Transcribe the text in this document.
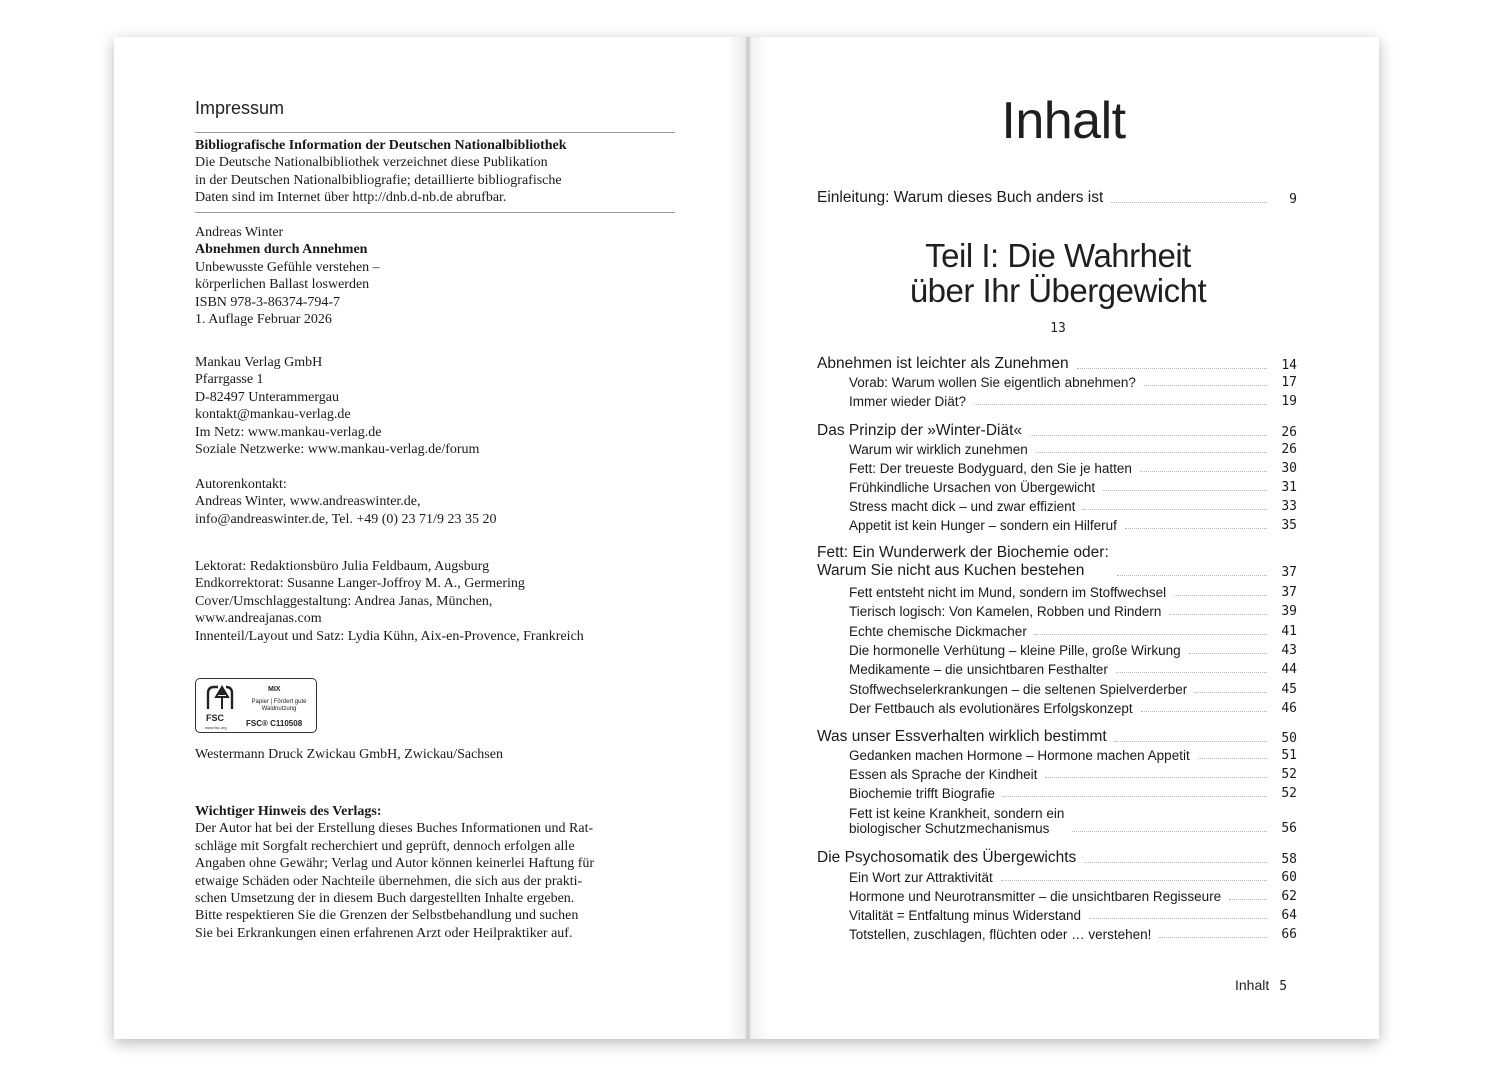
Impressum
Bibliografische Information der Deutschen Nationalbibliothek
Die Deutsche Nationalbibliothek verzeichnet diese Publikation
in der Deutschen Nationalbibliografie; detaillierte bibliografische
Daten sind im Internet über http://dnb.d-nb.de abrufbar.
Andreas Winter
Abnehmen durch Annehmen
Unbewusste Gefühle verstehen –
körperlichen Ballast loswerden
ISBN 978-3-86374-794-7
1. Auflage Februar 2026
Mankau Verlag GmbH
Pfarrgasse 1
D-82497 Unterammergau
kontakt@mankau-verlag.de
Im Netz: www.mankau-verlag.de
Soziale Netzwerke: www.mankau-verlag.de/forum
Autorenkontakt:
Andreas Winter, www.andreaswinter.de,
info@andreaswinter.de, Tel. +49 (0) 23 71/9 23 35 20
Lektorat: Redaktionsbüro Julia Feldbaum, Augsburg
Endkorrektorat: Susanne Langer-Joffroy M. A., Germering
Cover/Umschlaggestaltung: Andrea Janas, München,
www.andreajanas.com
Innenteil/Layout und Satz: Lydia Kühn, Aix-en-Provence, Frankreich
FSC
www.fsc.org
MIX
Papier | Fördert gute Waldnutzung
FSC® C110508
Westermann Druck Zwickau GmbH, Zwickau/Sachsen
Wichtiger Hinweis des Verlags:
Der Autor hat bei der Erstellung dieses Buches Informationen und Rat-
schläge mit Sorgfalt recherchiert und geprüft, dennoch erfolgen alle
Angaben ohne Gewähr; Verlag und Autor können keinerlei Haftung für
etwaige Schäden oder Nachteile übernehmen, die sich aus der prakti-
schen Umsetzung der in diesem Buch dargestellten Inhalte ergeben.
Bitte respektieren Sie die Grenzen der Selbstbehandlung und suchen
Sie bei Erkrankungen einen erfahrenen Arzt oder Heilpraktiker auf.
Inhalt
Einleitung: Warum dieses Buch anders ist	9
Teil I: Die Wahrheit
über Ihr Übergewicht
13
Abnehmen ist leichter als Zunehmen	14
Vorab: Warum wollen Sie eigentlich abnehmen?	17
Immer wieder Diät?	19
Das Prinzip der »Winter-Diät«	26
Warum wir wirklich zunehmen	26
Fett: Der treueste Bodyguard, den Sie je hatten	30
Frühkindliche Ursachen von Übergewicht	31
Stress macht dick – und zwar effizient	33
Appetit ist kein Hunger – sondern ein Hilferuf	35
Fett: Ein Wunderwerk der Biochemie oder:
Warum Sie nicht aus Kuchen bestehen	37
Fett entsteht nicht im Mund, sondern im Stoffwechsel	37
Tierisch logisch: Von Kamelen, Robben und Rindern	39
Echte chemische Dickmacher	41
Die hormonelle Verhütung – kleine Pille, große Wirkung	43
Medikamente – die unsichtbaren Festhalter	44
Stoffwechselerkrankungen – die seltenen Spielverderber	45
Der Fettbauch als evolutionäres Erfolgskonzept	46
Was unser Essverhalten wirklich bestimmt	50
Gedanken machen Hormone – Hormone machen Appetit	51
Essen als Sprache der Kindheit	52
Biochemie trifft Biografie	52
Fett ist keine Krankheit, sondern ein
biologischer Schutzmechanismus	56
Die Psychosomatik des Übergewichts	58
Ein Wort zur Attraktivität	60
Hormone und Neurotransmitter – die unsichtbaren Regisseure	62
Vitalität = Entfaltung minus Widerstand	64
Totstellen, zuschlagen, flüchten oder … verstehen!	66
Inhalt 5
